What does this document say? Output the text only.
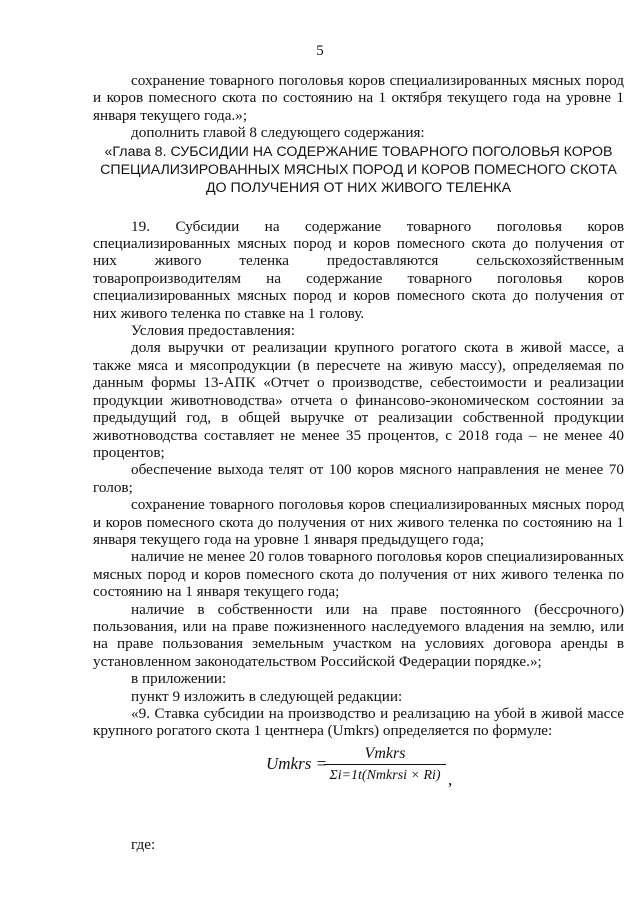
5

сохранение товарного поголовья коров специализированных мясных пород и коров помесного скота по состоянию на 1 октября текущего года на уровне 1 января текущего года.»;

дополнить главой 8 следующего содержания:

«Глава 8. СУБСИДИИ НА СОДЕРЖАНИЕ ТОВАРНОГО ПОГОЛОВЬЯ КОРОВ СПЕЦИАЛИЗИРОВАННЫХ МЯСНЫХ ПОРОД И КОРОВ ПОМЕСНОГО СКОТА ДО ПОЛУЧЕНИЯ ОТ НИХ ЖИВОГО ТЕЛЕНКА

19. Субсидии на содержание товарного поголовья коров специализированных мясных пород и коров помесного скота до получения от них живого теленка предоставляются сельскохозяйственным товаропроизводителям на содержание товарного поголовья коров специализированных мясных пород и коров помесного скота до получения от них живого теленка по ставке на 1 голову.

Условия предоставления:

доля выручки от реализации крупного рогатого скота в живой массе, а также мяса и мясопродукции (в пересчете на живую массу), определяемая по данным формы 13-АПК «Отчет о производстве, себестоимости и реализации продукции животноводства» отчета о финансово-экономическом состоянии за предыдущий год, в общей выручке от реализации собственной продукции животноводства составляет не менее 35 процентов, с 2018 года – не менее 40 процентов;

обеспечение выхода телят от 100 коров мясного направления не менее 70 голов;

сохранение товарного поголовья коров специализированных мясных пород и коров помесного скота до получения от них живого теленка по состоянию на 1 января текущего года на уровне 1 января предыдущего года;

наличие не менее 20 голов товарного поголовья коров специализированных мясных пород и коров помесного скота до получения от них живого теленка по состоянию на 1 января текущего года;

наличие в собственности или на праве постоянного (бессрочного) пользования, или на праве пожизненного наследуемого владения на землю, или на праве пользования земельным участком на условиях договора аренды в установленном законодательством Российской Федерации порядке.»;

в приложении:

пункт 9 изложить в следующей редакции:

«9. Ставка субсидии на производство и реализацию на убой в живой массе крупного рогатого скота 1 центнера (Umkrs) определяется по формуле:

Umkrs =
Vmkrs
Σi=1t(Nmkrsi × Ri) ,
где:
